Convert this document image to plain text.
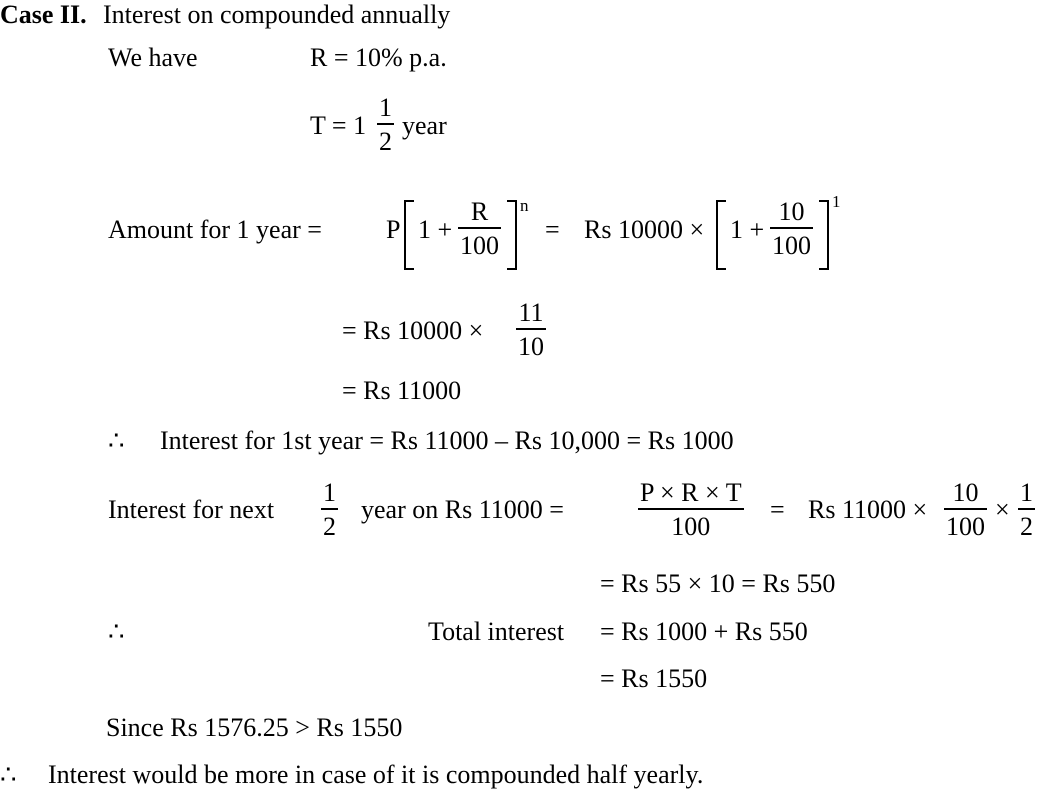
Case II. Interest on compounded annually
We have	R = 10% p.a.
T = 1
1
2
year
Amount for 1 year = P 1 +
R
100
n
= Rs 10000 × 1 +
10
100
1
= Rs 10000 ×
11
10
= Rs 11000
∴ Interest for 1st year = Rs 11000 – Rs 10,000 = Rs 1000
Interest for next
1
2
year on Rs 11000 =
P × R × T
100
= Rs 11000 ×
10
100
×
1
2
= Rs 55 × 10 = Rs 550
∴	Total interest = Rs 1000 + Rs 550
= Rs 1550
Since Rs 1576.25 > Rs 1550
∴ Interest would be more in case of it is compounded half yearly.
